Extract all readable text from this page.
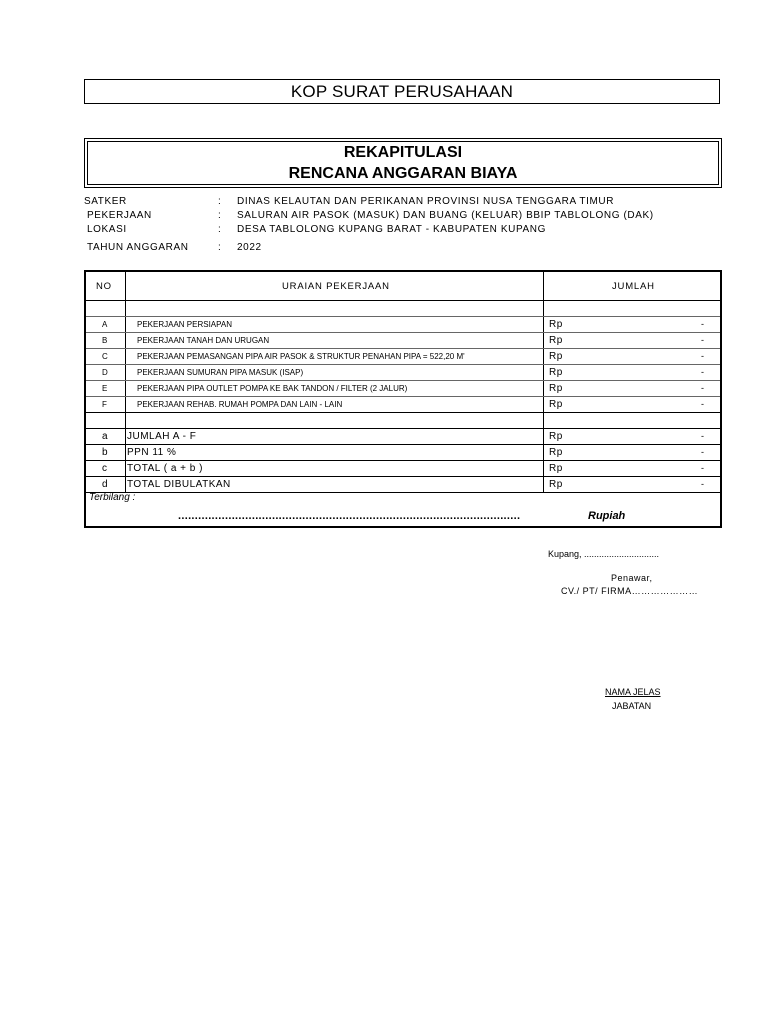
KOP SURAT PERUSAHAAN
REKAPITULASI
RENCANA ANGGARAN BIAYA
SATKER	: DINAS KELAUTAN DAN PERIKANAN PROVINSI NUSA TENGGARA TIMUR
PEKERJAAN	: SALURAN AIR PASOK (MASUK) DAN BUANG (KELUAR) BBIP TABLOLONG (DAK)
LOKASI	: DESA TABLOLONG KUPANG BARAT - KABUPATEN KUPANG
TAHUN ANGGARAN	: 2022
NO	URAIAN PEKERJAAN	JUMLAH
A	PEKERJAAN PERSIAPAN	Rp	-
B	PEKERJAAN TANAH DAN URUGAN	Rp	-
C	PEKERJAAN PEMASANGAN PIPA AIR PASOK & STRUKTUR PENAHAN PIPA = 522,20 M'	Rp	-
D	PEKERJAAN SUMURAN PIPA MASUK (ISAP)	Rp	-
E	PEKERJAAN PIPA OUTLET POMPA KE BAK TANDON / FILTER (2 JALUR)	Rp	-
F	PEKERJAAN REHAB. RUMAH POMPA DAN LAIN - LAIN	Rp	-
a JUMLAH A - F	Rp	-
b PPN 11 %	Rp	-
c TOTAL ( a + b )	Rp	-
d TOTAL DIBULATKAN	Rp	-
Terbilang :
......................................................................................................	Rupiah
Kupang, ..............................
Penawar,
CV./ PT/ FIRMA…………………
NAMA JELAS
JABATAN
